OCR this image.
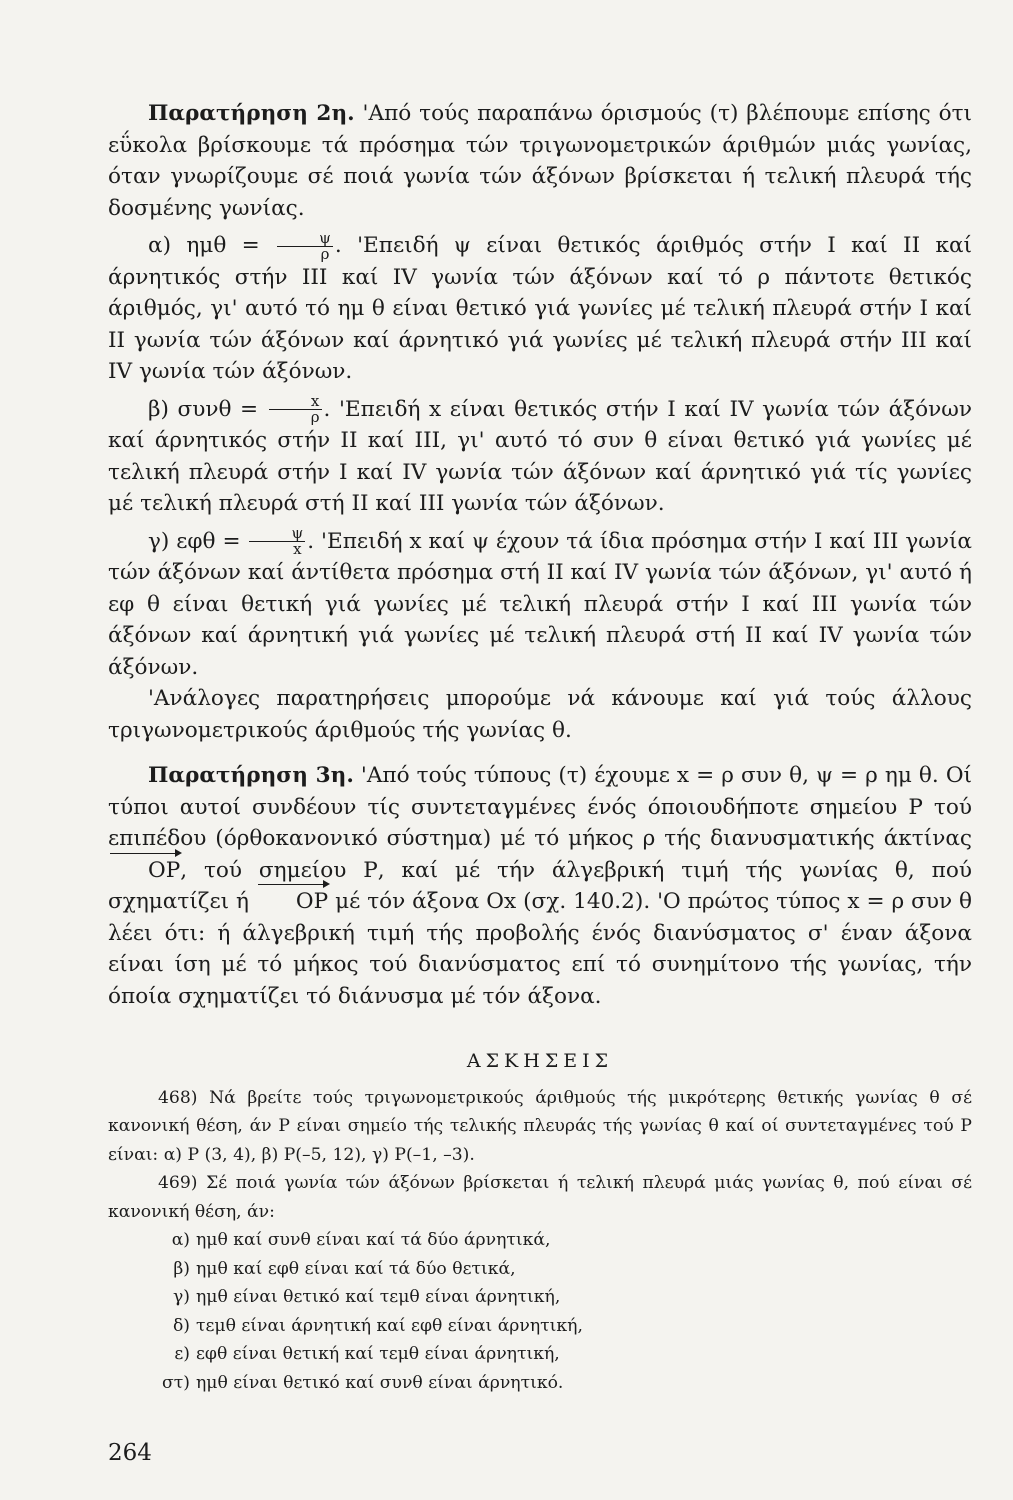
Παρατήρηση 2η. 'Από τούς παραπάνω όρισμούς (τ) βλέπουμε επίσης ότι εΰκολα βρίσκουμε τά πρόσημα τών τριγωνομετρικών άριθμών μιάς γωνίας, όταν γνωρίζουμε σέ ποιά γωνία τών άξόνων βρίσκεται ή τελική πλευρά τής δοσμένης γωνίας.

α) $\eta\mu\theta = \frac{\psi}{\rho}$ . 'Επειδή ψ είναι θετικός άριθμός στήν I καί II καί άρνητικός στήν III καί IV γωνία τών άξόνων καί τό ρ πάντοτε θετικός άριθμός, γι' αυτό τό ημ θ είναι θετικό γιά γωνίες μέ τελική πλευρά στήν I καί II γωνία τών άξόνων καί άρνητικό γιά γωνίες μέ τελική πλευρά στήν III καί IV γωνία τών άξόνων.

β) $\sigma\upsilon\nu\theta = \frac{x}{\rho}$ . 'Επειδή x είναι θετικός στήν I καί IV γωνία τών άξόνων καί άρνητικός στήν II καί III, γι' αυτό τό συν θ είναι θετικό γιά γωνίες μέ τελική πλευρά στήν I καί IV γωνία τών άξόνων καί άρνητικό γιά τίς γωνίες μέ τελική πλευρά στή II καί III γωνία τών άξόνων.

γ) $\varepsilon\varphi\theta = \frac{\psi}{x}$ . 'Επειδή x καί ψ έχουν τά ίδια πρόσημα στήν I καί III γωνία τών άξόνων καί άντίθετα πρόσημα στή II καί IV γωνία τών άξόνων, γι' αυτό ή εφ θ είναι θετική γιά γωνίες μέ τελική πλευρά στήν I καί III γωνία τών άξόνων καί άρνητική γιά γωνίες μέ τελική πλευρά στή II καί IV γωνία τών άξόνων.

'Ανάλογες παρατηρήσεις μπορούμε νά κάνουμε καί γιά τούς άλλους τριγωνομετρικούς άριθμούς τής γωνίας θ.

Παρατήρηση 3η. 'Από τούς τύπους (τ) έχουμε x = ρ συν θ, ψ = ρ ημ θ. Οί τύποι αυτοί συνδέουν τίς συντεταγμένες ένός όποιουδήποτε σημείου Ρ τού επιπέδου (όρθοκανονικό σύστημα) μέ τό μήκος ρ τής διανυσματικής άκτίνας ΟΡ, τού σημείου Ρ, καί μέ τήν άλγεβρική τιμή τής γωνίας θ, πού σχηματίζει ή ΟΡ μέ τόν άξονα Οx (σχ. 140.2). 'Ο πρώτος τύπος x = ρ συν θ λέει ότι: ή άλγεβρική τιμή τής προβολής ένός διανύσματος σ' έναν άξονα είναι ίση μέ τό μήκος τού διανύσματος επί τό συνημίτονο τής γωνίας, τήν όποία σχηματίζει τό διάνυσμα μέ τόν άξονα.

ΑΣΚΗΣΕΙΣ

468) Νά βρείτε τούς τριγωνομετρικούς άριθμούς τής μικρότερης θετικής γωνίας θ σέ κανονική θέση, άν Ρ είναι σημείο τής τελικής πλευράς τής γωνίας θ καί οί συντεταγμένες τού Ρ είναι: α) Ρ (3, 4), β) Ρ(–5, 12), γ) Ρ(–1, –3).

469) Σέ ποιά γωνία τών άξόνων βρίσκεται ή τελική πλευρά μιάς γωνίας θ, πού είναι σέ κανονική θέση, άν:

α) ημθ καί συνθ είναι καί τά δύο άρνητικά,

β) ημθ καί εφθ είναι καί τά δύο θετικά,

γ) ημθ είναι θετικό καί τεμθ είναι άρνητική,

δ) τεμθ είναι άρνητική καί εφθ είναι άρνητική,

ε) εφθ είναι θετική καί τεμθ είναι άρνητική,

στ) ημθ είναι θετικό καί συνθ είναι άρνητικό.

264
